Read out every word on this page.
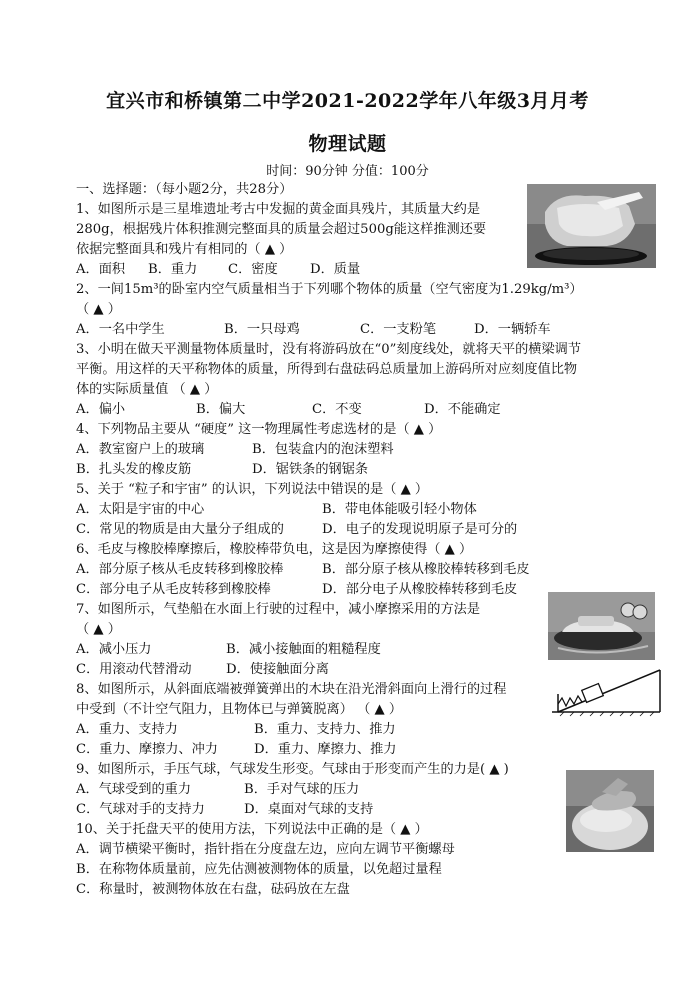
宜兴市和桥镇第二中学2021-2022学年八年级3月月考
物理试题
时间：90分钟 分值：100分
一、选择题：（每小题2分，共28分）
1、如图所示是三星堆遗址考古中发掘的黄金面具残片，其质量大约是
280g，根据残片体积推测完整面具的质量会超过500g能这样推测还要
依据完整面具和残片有相同的（ ▲ ）
A．面积 B．重力 C．密度 D．质量
2、一间15m³的卧室内空气质量相当于下列哪个物体的质量（空气密度为1.29kg/m³）
（ ▲ ）
A．一名中学生	B．一只母鸡	C．一支粉笔	D．一辆轿车
3、小明在做天平测量物体质量时，没有将游码放在“0”刻度线处，就将天平的横梁调节
平衡。用这样的天平称物体的质量，所得到右盘砝码总质量加上游码所对应刻度值比物
体的实际质量值 （ ▲ ）
A．偏小	B．偏大	C．不变	D．不能确定
4、下列物品主要从 “硬度” 这一物理属性考虑选材的是（ ▲ ）
A．教室窗户上的玻璃	B．包装盒内的泡沫塑料
B．扎头发的橡皮筋	D．锯铁条的钢锯条
5、关于 “粒子和宇宙” 的认识，下列说法中错误的是（ ▲ ）
A．太阳是宇宙的中心	B．带电体能吸引轻小物体
C．常见的物质是由大量分子组成的	D．电子的发现说明原子是可分的
6、毛皮与橡胶棒摩擦后，橡胶棒带负电，这是因为摩擦使得（ ▲ ）
A．部分原子核从毛皮转移到橡胶棒	B．部分原子核从橡胶棒转移到毛皮
C．部分电子从毛皮转移到橡胶棒	D．部分电子从橡胶棒转移到毛皮
7、如图所示，气垫船在水面上行驶的过程中，减小摩擦采用的方法是
（ ▲ ）
A．减小压力	B．减小接触面的粗糙程度
C．用滚动代替滑动	D．使接触面分离
8、如图所示，从斜面底端被弹簧弹出的木块在沿光滑斜面向上滑行的过程
中受到（不计空气阻力，且物体已与弹簧脱离） （ ▲ ）
A．重力、支持力	B．重力、支持力、推力
C．重力、摩擦力、冲力	D．重力、摩擦力、推力
9、如图所示，手压气球，气球发生形变。气球由于形变而产生的力是( ▲ )
A．气球受到的重力	B．手对气球的压力
C．气球对手的支持力	D．桌面对气球的支持
10、关于托盘天平的使用方法，下列说法中正确的是（ ▲ ）
A．调节横梁平衡时，指针指在分度盘左边，应向左调节平衡螺母
B．在称物体质量前，应先估测被测物体的质量，以免超过量程
C．称量时，被测物体放在右盘，砝码放在左盘
